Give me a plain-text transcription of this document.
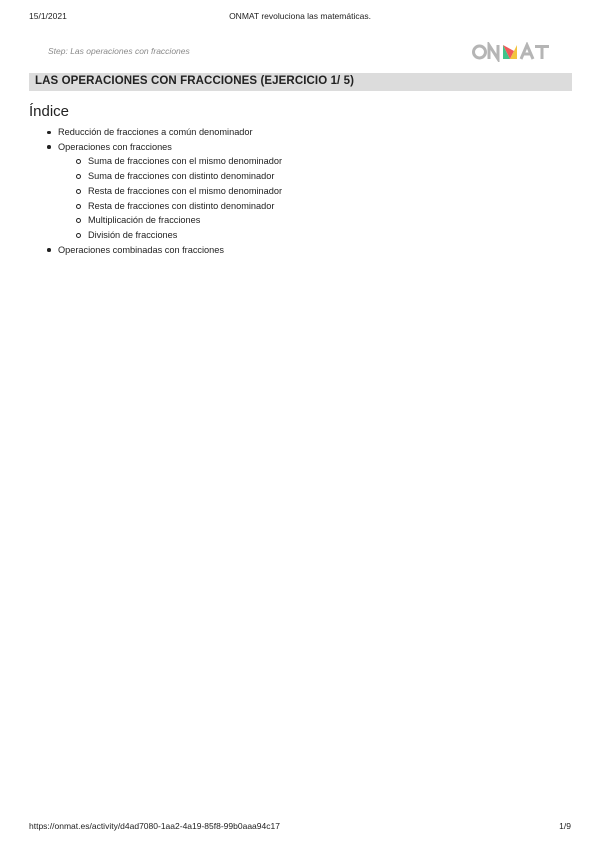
15/1/2021	ONMAT revoluciona las matemáticas.
Step: Las operaciones con fracciones
LAS OPERACIONES CON FRACCIONES (EJERCICIO 1/ 5)
Índice
Reducción de fracciones a común denominador
Operaciones con fracciones
Suma de fracciones con el mismo denominador
Suma de fracciones con distinto denominador
Resta de fracciones con el mismo denominador
Resta de fracciones con distinto denominador
Multiplicación de fracciones
División de fracciones
Operaciones combinadas con fracciones
https://onmat.es/activity/d4ad7080-1aa2-4a19-85f8-99b0aaa94c17	1/9
